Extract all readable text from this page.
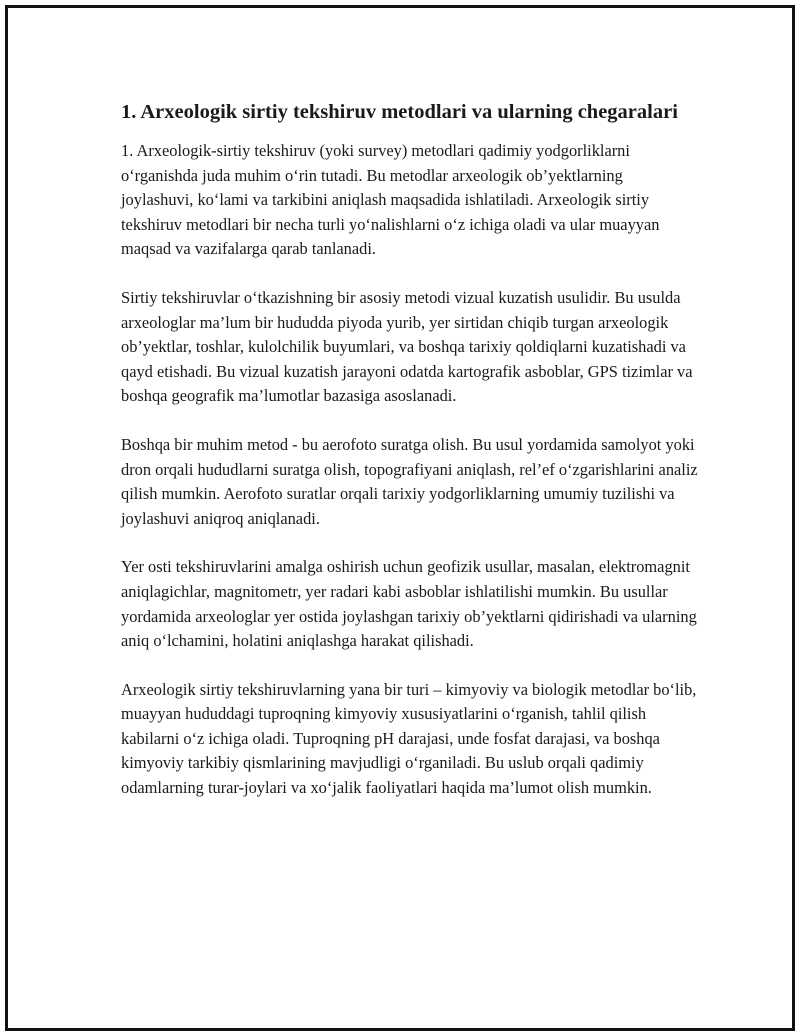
1. Arxeologik sirtiy tekshiruv metodlari va ularning chegaralari

1. Arxeologik-sirtiy tekshiruv (yoki survey) metodlari qadimiy yodgorliklarni o‘rganishda juda muhim o‘rin tutadi. Bu metodlar arxeologik ob’yektlarning joylashuvi, ko‘lami va tarkibini aniqlash maqsadida ishlatiladi. Arxeologik sirtiy tekshiruv metodlari bir necha turli yo‘nalishlarni o‘z ichiga oladi va ular muayyan maqsad va vazifalarga qarab tanlanadi.

Sirtiy tekshiruvlar o‘tkazishning bir asosiy metodi vizual kuzatish usulidir. Bu usulda arxeologlar ma’lum bir hududda piyoda yurib, yer sirtidan chiqib turgan arxeologik ob’yektlar, toshlar, kulolchilik buyumlari, va boshqa tarixiy qoldiqlarni kuzatishadi va qayd etishadi. Bu vizual kuzatish jarayoni odatda kartografik asboblar, GPS tizimlar va boshqa geografik ma’lumotlar bazasiga asoslanadi.

Boshqa bir muhim metod - bu aerofoto suratga olish. Bu usul yordamida samolyot yoki dron orqali hududlarni suratga olish, topografiyani aniqlash, rel’ef o‘zgarishlarini analiz qilish mumkin. Aerofoto suratlar orqali tarixiy yodgorliklarning umumiy tuzilishi va joylashuvi aniqroq aniqlanadi.

Yer osti tekshiruvlarini amalga oshirish uchun geofizik usullar, masalan, elektromagnit aniqlagichlar, magnitometr, yer radari kabi asboblar ishlatilishi mumkin. Bu usullar yordamida arxeologlar yer ostida joylashgan tarixiy ob’yektlarni qidirishadi va ularning aniq o‘lchamini, holatini aniqlashga harakat qilishadi.

Arxeologik sirtiy tekshiruvlarning yana bir turi – kimyoviy va biologik metodlar bo‘lib, muayyan hududdagi tuproqning kimyoviy xususiyatlarini o‘rganish, tahlil qilish kabilarni o‘z ichiga oladi. Tuproqning pH darajasi, unde fosfat darajasi, va boshqa kimyoviy tarkibiy qismlarining mavjudligi o‘rganiladi. Bu uslub orqali qadimiy odamlarning turar-joylari va xo‘jalik faoliyatlari haqida ma’lumot olish mumkin.
